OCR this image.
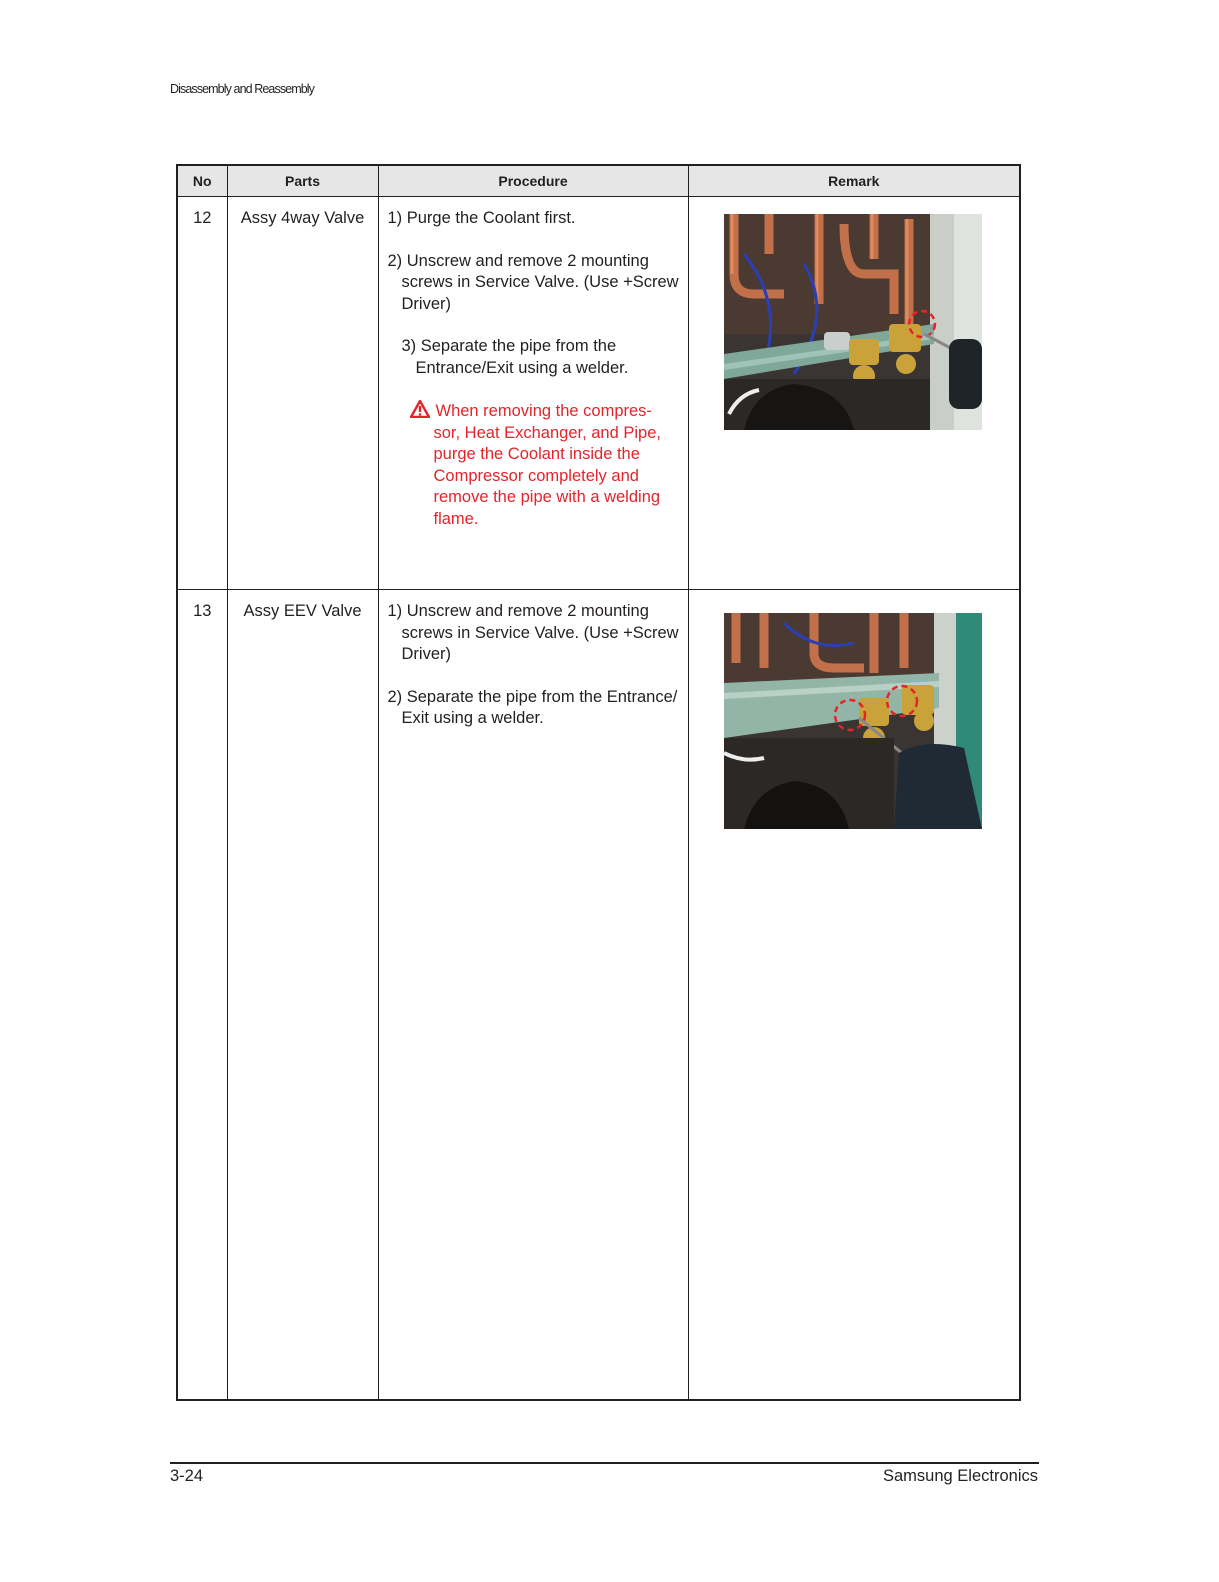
Disassembly and Reassembly
No	Parts	Procedure	Remark
12	Assy 4way Valve	1) Purge the Coolant first.

2) Unscrew and remove 2 mounting screws in Service Valve. (Use +Screw Driver)

3) Separate the pipe from the Entrance/Exit using a welder.

When removing the compres- sor, Heat Exchanger, and Pipe, purge the Coolant inside the Compressor completely and remove the pipe with a welding flame.

13	Assy EEV Valve	1) Unscrew and remove 2 mounting screws in Service Valve. (Use +Screw Driver)

2) Separate the pipe from the Entrance/ Exit using a welder.

3-24	Samsung Electronics
